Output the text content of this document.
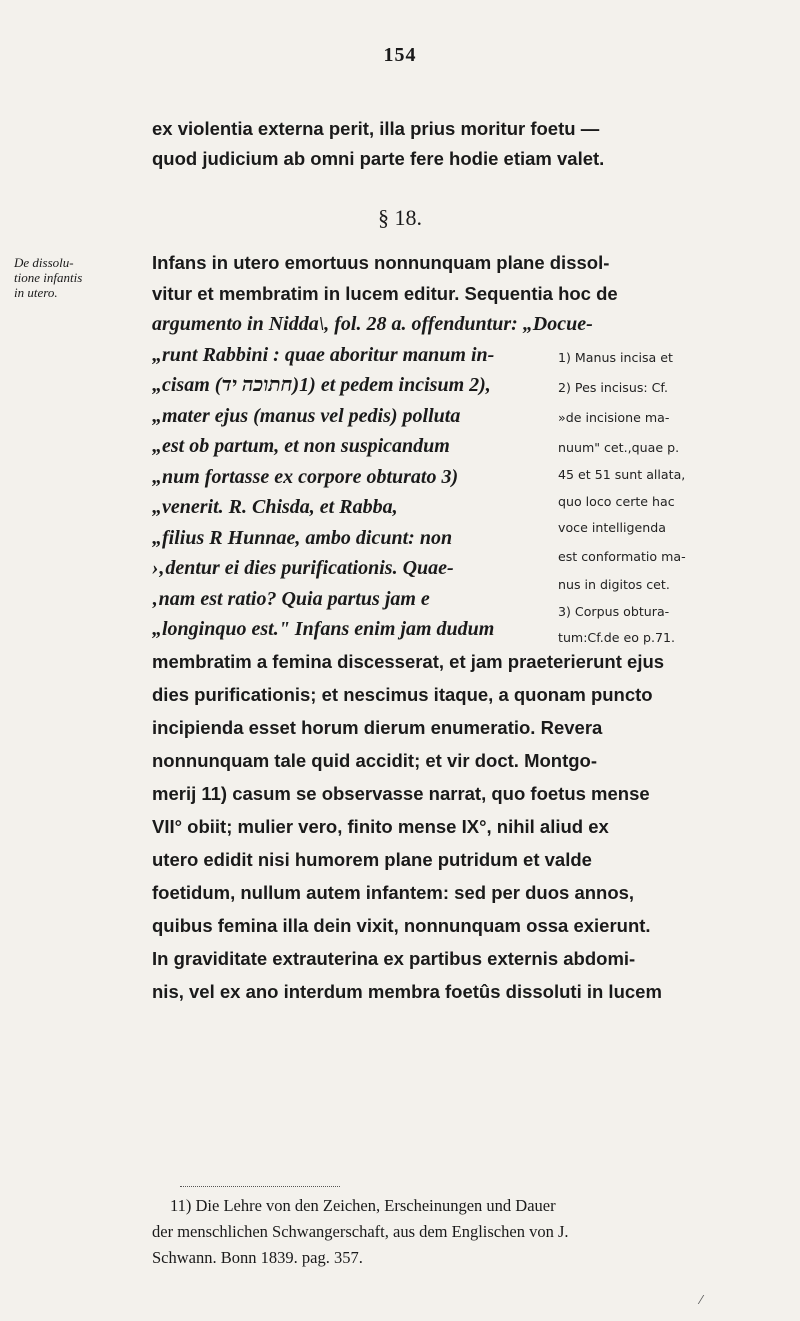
154
ex violentia externa perit, illa prius moritur foetu —
quod judicium ab omni parte fere hodie etiam valet.
§ 18.
De dissolu-
tione infantis
in utero.
Infans in utero emortuus nonnunquam plane dissol-
vitur et membratim in lucem editur. Sequentia hoc de
argumento in Nidda\, fol. 28 a. offenduntur: „Docue-
„runt Rabbini : quae aboritur manum in-
„cisam (חתוכה יד)1) et pedem incisum 2),
„mater ejus (manus vel pedis) polluta
„est ob partum, et non suspicandum
„num fortasse ex corpore obturato 3)
„venerit. R. Chisda, et Rabba,
„filius R Hunnae, ambo dicunt: non
›‚dentur ei dies purificationis. Quae-
‚nam est ratio? Quia partus jam e
„longinquo est." Infans enim jam dudum
1) Manus incisa et
2) Pes incisus: Cf.
»de incisione ma-
nuum" cet.,quae p.
45 et 51 sunt allata,
quo loco certe hac
voce intelligenda
est conformatio ma-
nus in digitos cet.
3) Corpus obtura-
tum:Cf.de eo p.71.
membratim a femina discesserat, et jam praeterierunt ejus
dies purificationis; et nescimus itaque, a quonam puncto
incipienda esset horum dierum enumeratio. Revera
nonnunquam tale quid accidit; et vir doct. Montgo-
merij 11) casum se observasse narrat, quo foetus mense
VII° obiit; mulier vero, finito mense IX°, nihil aliud ex
utero edidit nisi humorem plane putridum et valde
foetidum, nullum autem infantem: sed per duos annos,
quibus femina illa dein vixit, nonnunquam ossa exierunt.
In graviditate extrauterina ex partibus externis abdomi-
nis, vel ex ano interdum membra foetûs dissoluti in lucem
11) Die Lehre von den Zeichen, Erscheinungen und Dauer
der menschlichen Schwangerschaft, aus dem Englischen von J.
Schwann. Bonn 1839. pag. 357.
⁄
